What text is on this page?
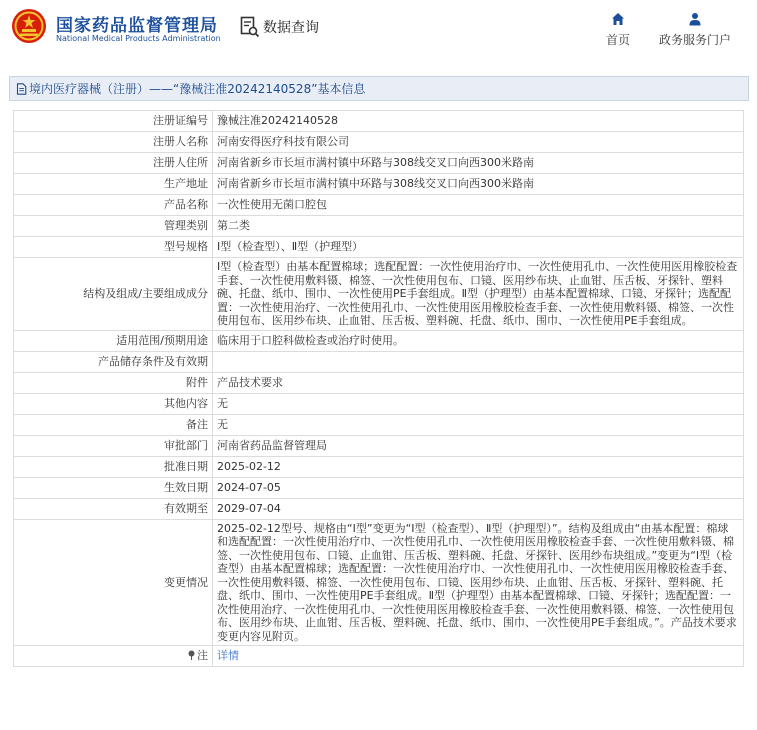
国家药品监督管理局
National Medical Products Administration
数据查询
首页	政务服务门户
境内医疗器械（注册）——“豫械注准20242140528”基本信息
注册证编号	豫械注准20242140528
注册人名称	河南安得医疗科技有限公司
注册人住所	河南省新乡市长垣市满村镇中环路与308线交叉口向西300米路南
生产地址	河南省新乡市长垣市满村镇中环路与308线交叉口向西300米路南
产品名称	一次性使用无菌口腔包
管理类别	第二类
型号规格	Ⅰ型（检查型）、Ⅱ型（护理型）
结构及组成/主要组成成分	Ⅰ型（检查型）由基本配置棉球；选配配置：一次性使用治疗巾、一次性使用孔巾、一次性使用医用橡胶检查手套、一次性使用敷料镊、棉签、一次性使用包布、口镜、医用纱布块、止血钳、压舌板、牙探针、塑料碗、托盘、纸巾、围巾、一次性使用PE手套组成。Ⅱ型（护理型）由基本配置棉球、口镜、牙探针；选配配置：一次性使用治疗、一次性使用孔巾、一次性使用医用橡胶检查手套、一次性使用敷料镊、棉签、一次性使用包布、医用纱布块、止血钳、压舌板、塑料碗、托盘、纸巾、围巾、一次性使用PE手套组成。
适用范围/预期用途	临床用于口腔科做检查或治疗时使用。
产品储存条件及有效期	
附件	产品技术要求
其他内容	无
备注	无
审批部门	河南省药品监督管理局
批准日期	2025-02-12
生效日期	2024-07-05
有效期至	2029-07-04
变更情况	2025-02-12型号、规格由“Ⅰ型”变更为“Ⅰ型（检查型）、Ⅱ型（护理型）”。结构及组成由“由基本配置：棉球和选配配置：一次性使用治疗巾、一次性使用孔巾、一次性使用医用橡胶检查手套、一次性使用敷料镊、棉签、一次性使用包布、口镜、止血钳、压舌板、塑料碗、托盘、牙探针、医用纱布块组成。”变更为“Ⅰ型（检查型）由基本配置棉球；选配配置：一次性使用治疗巾、一次性使用孔巾、一次性使用医用橡胶检查手套、一次性使用敷料镊、棉签、一次性使用包布、口镜、医用纱布块、止血钳、压舌板、牙探针、塑料碗、托盘、纸巾、围巾、一次性使用PE手套组成。Ⅱ型（护理型）由基本配置棉球、口镜、牙探针；选配配置：一次性使用治疗、一次性使用孔巾、一次性使用医用橡胶检查手套、一次性使用敷料镊、棉签、一次性使用包布、医用纱布块、止血钳、压舌板、塑料碗、托盘、纸巾、围巾、一次性使用PE手套组成。”。产品技术要求变更内容见附页。
注	详情
